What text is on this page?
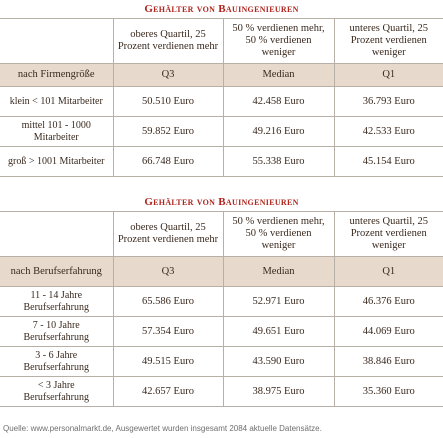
Gehälter von Bauingenieuren			
	oberes Quartil, 25 Prozent verdienen mehr	50 % verdienen mehr, 50 % verdienen weniger	unteres Quartil, 25 Prozent verdienen weniger
nach Firmengröße	Q3	Median	Q1
klein < 101 Mitarbeiter	50.510 Euro	42.458 Euro	36.793 Euro
mittel 101 - 1000 Mitarbeiter	59.852 Euro	49.216 Euro	42.533 Euro
groß > 1001 Mitarbeiter	66.748 Euro	55.338 Euro	45.154 Euro
Gehälter von Bauingenieuren			
	oberes Quartil, 25 Prozent verdienen mehr	50 % verdienen mehr, 50 % verdienen weniger	unteres Quartil, 25 Prozent verdienen weniger
nach Berufserfahrung	Q3	Median	Q1
11 - 14 Jahre Berufserfahrung	65.586 Euro	52.971 Euro	46.376 Euro
7 - 10 Jahre Berufserfahrung	57.354 Euro	49.651 Euro	44.069 Euro
3 - 6 Jahre Berufserfahrung	49.515 Euro	43.590 Euro	38.846 Euro
< 3 Jahre Berufserfahrung	42.657 Euro	38.975 Euro	35.360 Euro
Quelle: www.personalmarkt.de, Ausgewertet wurden insgesamt 2084 aktuelle Datensätze.
